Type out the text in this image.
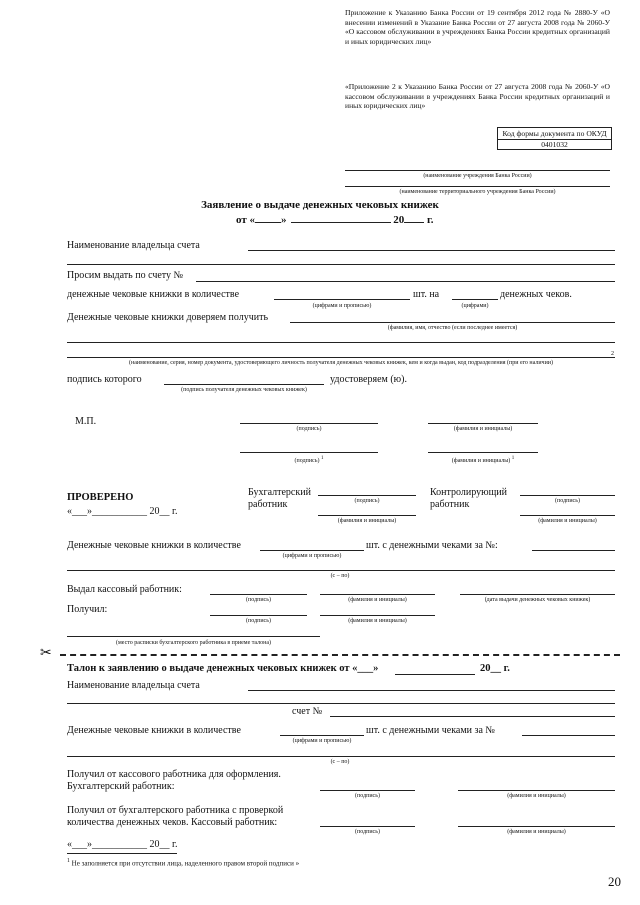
Приложение к Указанию Банка России от 19 сентября 2012 года № 2880-У «О внесении изменений в Указание Банка России от 27 августа 2008 года № 2060-У «О кассовом обслуживании в учреждениях Банка России кредитных организаций и иных юридических лиц»
«Приложение 2 к Указанию Банка России от 27 августа 2008 года № 2060-У «О кассовом обслуживании в учреждениях Банка России кредитных организаций и иных юридических лиц»
Код формы документа по ОКУД
0401032
(наименование учреждения Банка России)
(наименование территориального учреждения Банка России)
Заявление о выдаче денежных чековых книжек
от « »	20 г.
Наименование владельца счета
Просим выдать по счету №
денежные чековые книжки в количестве
(цифрами и прописью)
шт. на
(цифрами)
денежных чеков.
Денежные чековые книжки доверяем получить
(фамилия, имя, отчество (если последнее имеется)
(наименование, серия, номер документа, удостоверяющего личность получателя денежных чековых книжек, кем и когда выдан, код подразделения (при его наличии)
2
подпись которого
(подпись получателя денежных чековых книжек)
удостоверяем (ю).
М.П.
(подпись)	(фамилия и инициалы)
(подпись) $^1$	(фамилия и инициалы) $^1$
ПРОВЕРЕНО
«___»___________ 20__ г.
Бухгалтерский работник	(подпись)
(фамилия и инициалы)
Контролирующий работник	(подпись)
(фамилия и инициалы)
Денежные чековые книжки в количестве
(цифрами и прописью)
шт. с денежными чеками за №:
(с – по)
Выдал кассовый работник:
(подпись)	(фамилия и инициалы)	(дата выдачи денежных чековых книжек)
Получил:
(подпись)	(фамилия и инициалы)
(место расписки бухгалтерского работника в приеме талона)
✂
Талон к заявлению о выдаче денежных чековых книжек от «___»	20__ г.
Наименование владельца счета
счет №
Денежные чековые книжки в количестве
(цифрами и прописью)
шт. с денежными чеками за №
(с – по)
Получил от кассового работника для оформления.
Бухгалтерский работник:
(подпись)	(фамилия и инициалы)
Получил от бухгалтерского работника с проверкой
количества денежных чеков. Кассовый работник:
(подпись)	(фамилия и инициалы)
«___»___________ 20__ г.
$^1$ Не заполняется при отсутствии лица, наделенного правом второй подписи »
20
